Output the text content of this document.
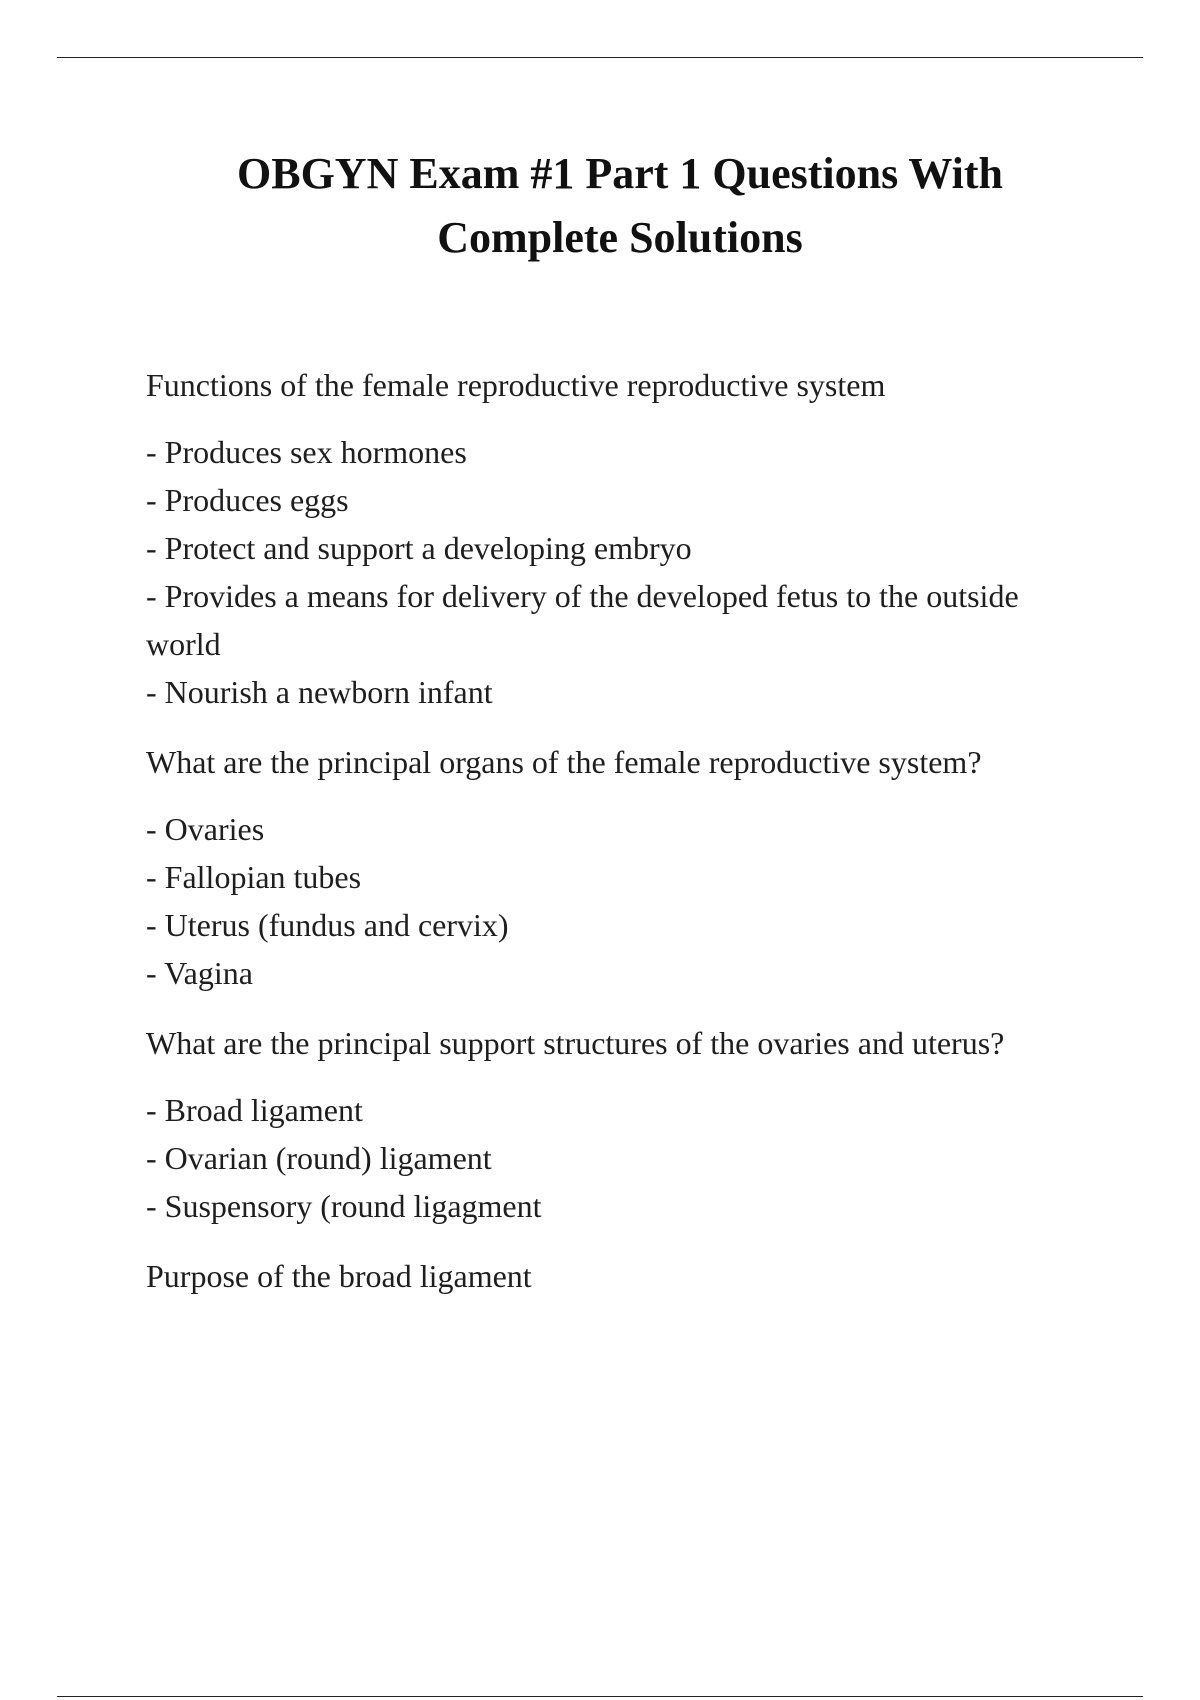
OBGYN Exam #1 Part 1 Questions With
Complete Solutions

Functions of the female reproductive reproductive system

- Produces sex hormones
- Produces eggs
- Protect and support a developing embryo
- Provides a means for delivery of the developed fetus to the outside world
- Nourish a newborn infant

What are the principal organs of the female reproductive system?

- Ovaries
- Fallopian tubes
- Uterus (fundus and cervix)
- Vagina

What are the principal support structures of the ovaries and uterus?

- Broad ligament
- Ovarian (round) ligament
- Suspensory (round ligagment

Purpose of the broad ligament
